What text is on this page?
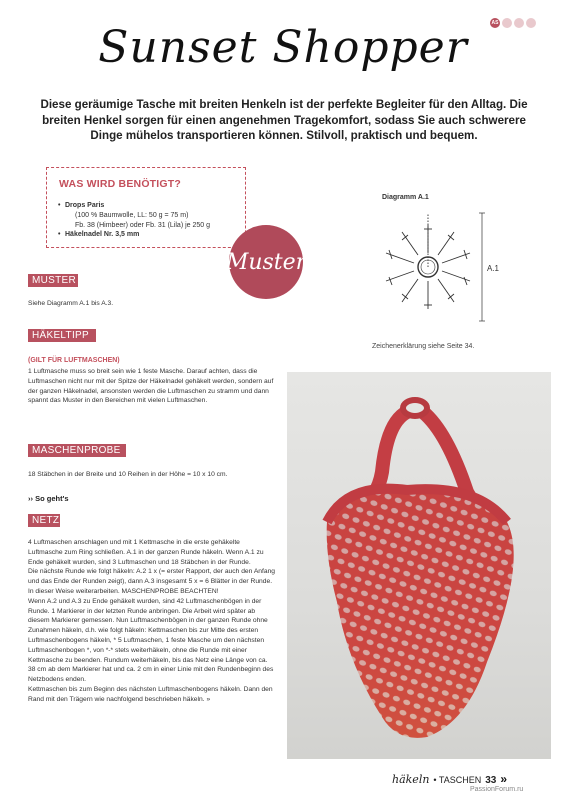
AS
Sunset Shopper
Diese geräumige Tasche mit breiten Henkeln ist der perfekte Begleiter für den Alltag. Die breiten Henkel sorgen für einen angenehmen Tragekomfort, sodass Sie auch schwerere Dinge mühelos transportieren können. Stilvoll, praktisch und bequem.
WAS WIRD BENÖTIGT?
• Drops Paris
(100 % Baumwolle, LL: 50 g = 75 m)
Fb. 38 (Himbeer) oder Fb. 31 (Lila) je 250 g
• Häkelnadel Nr. 3,5 mm
Muster
Diagramm A.1
A.1
Zeichenerklärung siehe Seite 34.
MUSTER
Siehe Diagramm A.1 bis A.3.
HÄKELTIPP
(GILT FÜR LUFTMASCHEN)
1 Luftmasche muss so breit sein wie 1 feste Masche. Darauf achten, dass die Luftmaschen nicht nur mit der Spitze der Häkelnadel gehäkelt werden, sondern auf der ganzen Häkelnadel, ansonsten werden die Luftmaschen zu stramm und dann spannt das Muster in den Bereichen mit vielen Luftmaschen.
MASCHENPROBE
18 Stäbchen in der Breite und 10 Reihen in der Höhe = 10 x 10 cm.
›› So geht's
NETZ

4 Luftmaschen anschlagen und mit 1 Kettmasche in die erste gehäkelte Luftmasche zum Ring schließen. A.1 in der ganzen Runde häkeln. Wenn A.1 zu Ende gehäkelt wurden, sind 3 Luftmaschen und 18 Stäbchen in der Runde.

Die nächste Runde wie folgt häkeln: A.2 1 x (= erster Rapport, der auch den Anfang und das Ende der Runden zeigt), dann A.3 insgesamt 5 x = 6 Blätter in der Runde. In dieser Weise weiterarbeiten. MASCHENPROBE BEACHTEN!

Wenn A.2 und A.3 zu Ende gehäkelt wurden, sind 42 Luftmaschenbögen in der Runde. 1 Markierer in der letzten Runde anbringen. Die Arbeit wird später ab diesem Markierer gemessen. Nun Luftmaschenbögen in der ganzen Runde ohne Zunahmen häkeln, d.h. wie folgt häkeln: Kettmaschen bis zur Mitte des ersten Luftmaschenbogens häkeln, * 5 Luftmaschen, 1 feste Masche um den nächsten Luftmaschenbogen *, von *-* stets weiterhäkeln, ohne die Runde mit einer Kettmasche zu beenden. Rundum weiterhäkeln, bis das Netz eine Länge von ca. 38 cm ab dem Markierer hat und ca. 2 cm in einer Linie mit den Rundenbeginn des Netzbodens enden.

Kettmaschen bis zum Beginn des nächsten Luftmaschenbogens häkeln. Dann den Rand mit den Trägern wie nachfolgend beschrieben häkeln. »

häkeln • TASCHEN 33 »
PassionForum.ru
